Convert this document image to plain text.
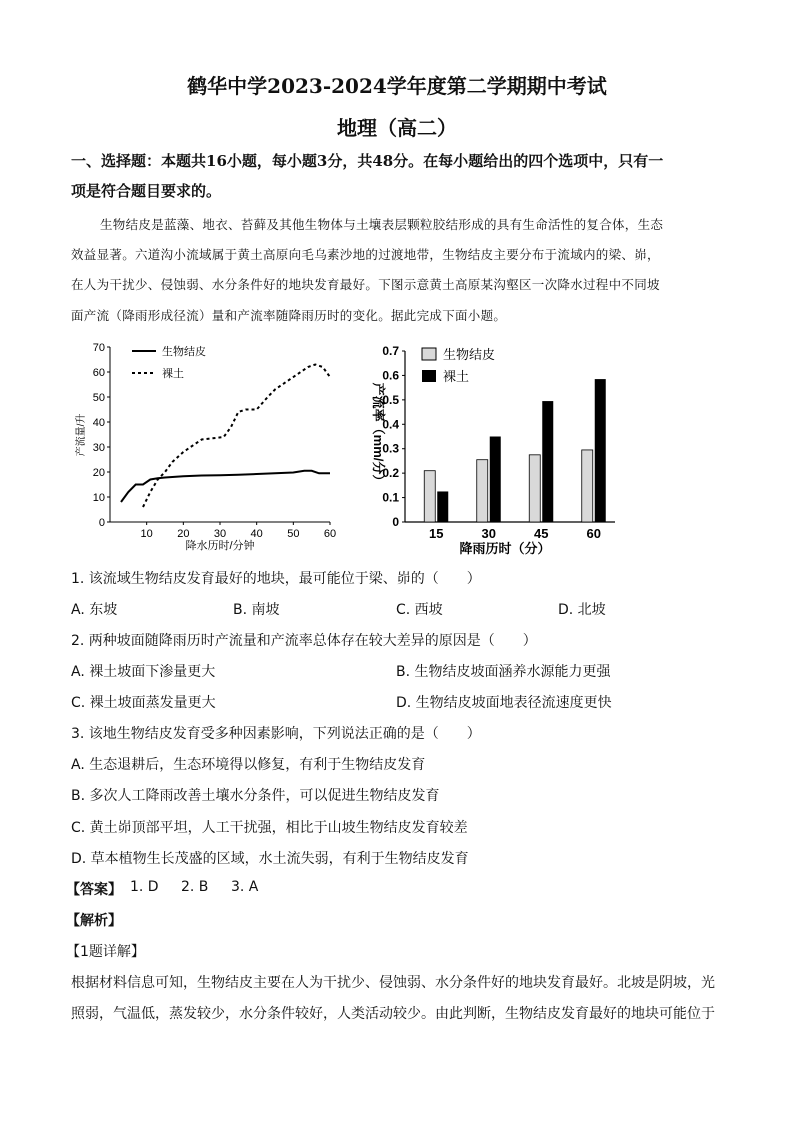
鹤华中学2023-2024学年度第二学期期中考试
地理（高二）
一、选择题：本题共16小题，每小题3分，共48分。在每小题给出的四个选项中，只有一
项是符合题目要求的。
生物结皮是蓝藻、地衣、苔藓及其他生物体与土壤表层颗粒胶结形成的具有生命活性的复合体，生态
效益显著。六道沟小流域属于黄土高原向毛乌素沙地的过渡地带，生物结皮主要分布于流域内的梁、峁，
在人为干扰少、侵蚀弱、水分条件好的地块发育最好。下图示意黄土高原某沟壑区一次降水过程中不同坡
面产流（降雨形成径流）量和产流率随降雨历时的变化。据此完成下面小题。
0
10
20
30
40
50
60
70
10 20 30 40 50 60
生物结皮
裸土
降水历时/分钟
产流量/升
0
0.1
0.2
0.3
0.4
0.5
0.6
0.7
15	30	45	60
生物结皮
裸土
降雨历时（分）
产流率（mm/分）
1. 该流域生物结皮发育最好的地块，最可能位于梁、峁的（　　）
A. 东坡	B. 南坡	C. 西坡	D. 北坡
2. 两种坡面随降雨历时产流量和产流率总体存在较大差异的原因是（　　）
A. 裸土坡面下渗量更大	B. 生物结皮坡面涵养水源能力更强
C. 裸土坡面蒸发量更大	D. 生物结皮坡面地表径流速度更快
3. 该地生物结皮发育受多种因素影响，下列说法正确的是（　　）
A. 生态退耕后，生态环境得以修复，有利于生物结皮发育
B. 多次人工降雨改善土壤水分条件，可以促进生物结皮发育
C. 黄土峁顶部平坦，人工干扰强，相比于山坡生物结皮发育较差
D. 草本植物生长茂盛的区域，水土流失弱，有利于生物结皮发育
【答案】 1. D 2. B 3. A
【解析】
【1题详解】
根据材料信息可知，生物结皮主要在人为干扰少、侵蚀弱、水分条件好的地块发育最好。北坡是阴坡，光
照弱，气温低，蒸发较少，水分条件较好，人类活动较少。由此判断，生物结皮发育最好的地块可能位于
